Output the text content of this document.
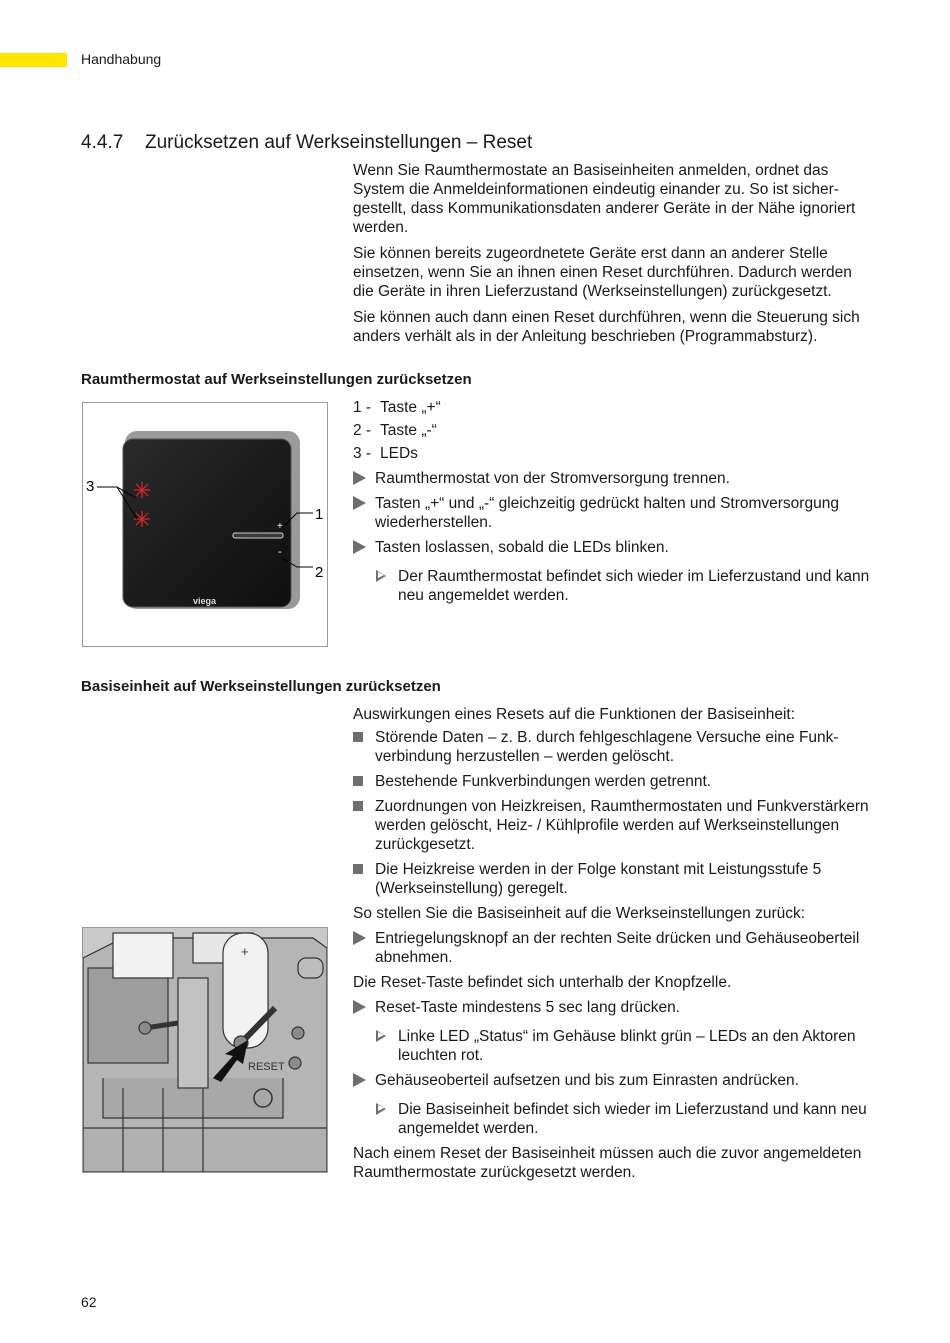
Handhabung
4.4.7 Zurücksetzen auf Werkseinstellungen – Reset

Wenn Sie Raumthermostate an Basiseinheiten anmelden, ordnet das System die Anmeldeinformationen eindeutig einander zu. So ist sichergestellt, dass Kommunikationsdaten anderer Geräte in der Nähe ignoriert werden.

Sie können bereits zugeordnetete Geräte erst dann an anderer Stelle einsetzen, wenn Sie an ihnen einen Reset durchführen. Dadurch werden die Geräte in ihren Lieferzustand (Werkseinstellungen) zurückgesetzt.

Sie können auch dann einen Reset durchführen, wenn die Steuerung sich anders verhält als in der Anleitung beschrieben (Programmabsturz).

Raumthermostat auf Werkseinstellungen zurücksetzen
+
-
viega
3
1
2
1 - Taste „+“
2 - Taste „-“
3 - LEDs
Raumthermostat von der Stromversorgung trennen.
Tasten „+“ und „-“ gleichzeitig gedrückt halten und Stromversorgung wiederherstellen.
Tasten loslassen, sobald die LEDs blinken.
Der Raumthermostat befindet sich wieder im Lieferzustand und kann neu angemeldet werden.
Basiseinheit auf Werkseinstellungen zurücksetzen

Auswirkungen eines Resets auf die Funktionen der Basiseinheit:

Störende Daten – z. B. durch fehlgeschlagene Versuche eine Funkverbindung herzustellen – werden gelöscht.
Bestehende Funkverbindungen werden getrennt.
Zuordnungen von Heizkreisen, Raumthermostaten und Funkverstärkern werden gelöscht, Heiz- / Kühlprofile werden auf Werkseinstellungen zurückgesetzt.
Die Heizkreise werden in der Folge konstant mit Leistungsstufe 5 (Werkseinstellung) geregelt.

So stellen Sie die Basiseinheit auf die Werkseinstellungen zurück:

Entriegelungsknopf an der rechten Seite drücken und Gehäuseoberteil abnehmen.

Die Reset-Taste befindet sich unterhalb der Knopfzelle.

Reset-Taste mindestens 5 sec lang drücken.
Linke LED „Status“ im Gehäuse blinkt grün – LEDs an den Aktoren leuchten rot.
Gehäuseoberteil aufsetzen und bis zum Einrasten andrücken.
Die Basiseinheit befindet sich wieder im Lieferzustand und kann neu angemeldet werden.

Nach einem Reset der Basiseinheit müssen auch die zuvor angemeldeten Raumthermostate zurückgesetzt werden.

+
RESET
62
